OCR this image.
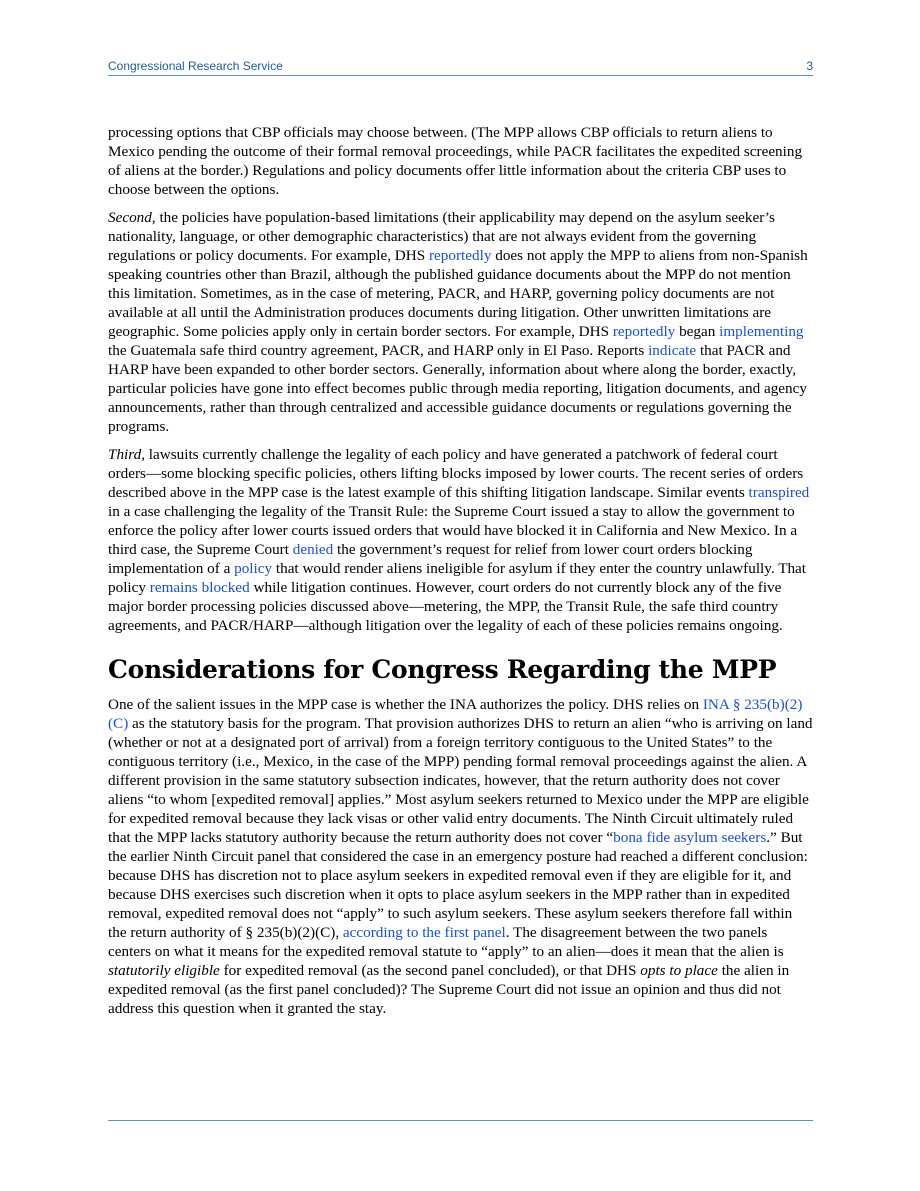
Congressional Research Service	3

processing options that CBP officials may choose between. (The MPP allows CBP officials to return aliens to Mexico pending the outcome of their formal removal proceedings, while PACR facilitates the expedited screening of aliens at the border.) Regulations and policy documents offer little information about the criteria CBP uses to choose between the options.

Second, the policies have population-based limitations (their applicability may depend on the asylum seeker’s nationality, language, or other demographic characteristics) that are not always evident from the governing regulations or policy documents. For example, DHS reportedly does not apply the MPP to aliens from non-Spanish speaking countries other than Brazil, although the published guidance documents about the MPP do not mention this limitation. Sometimes, as in the case of metering, PACR, and HARP, governing policy documents are not available at all until the Administration produces documents during litigation. Other unwritten limitations are geographic. Some policies apply only in certain border sectors. For example, DHS reportedly began implementing the Guatemala safe third country agreement, PACR, and HARP only in El Paso. Reports indicate that PACR and HARP have been expanded to other border sectors. Generally, information about where along the border, exactly, particular policies have gone into effect becomes public through media reporting, litigation documents, and agency announcements, rather than through centralized and accessible guidance documents or regulations governing the programs.

Third, lawsuits currently challenge the legality of each policy and have generated a patchwork of federal court orders—some blocking specific policies, others lifting blocks imposed by lower courts. The recent series of orders described above in the MPP case is the latest example of this shifting litigation landscape. Similar events transpired in a case challenging the legality of the Transit Rule: the Supreme Court issued a stay to allow the government to enforce the policy after lower courts issued orders that would have blocked it in California and New Mexico. In a third case, the Supreme Court denied the government’s request for relief from lower court orders blocking implementation of a policy that would render aliens ineligible for asylum if they enter the country unlawfully. That policy remains blocked while litigation continues. However, court orders do not currently block any of the five major border processing policies discussed above—metering, the MPP, the Transit Rule, the safe third country agreements, and PACR/HARP—although litigation over the legality of each of these policies remains ongoing.

Considerations for Congress Regarding the MPP

One of the salient issues in the MPP case is whether the INA authorizes the policy. DHS relies on INA § 235(b)(2)(C) as the statutory basis for the program. That provision authorizes DHS to return an alien “who is arriving on land (whether or not at a designated port of arrival) from a foreign territory contiguous to the United States” to the contiguous territory (i.e., Mexico, in the case of the MPP) pending formal removal proceedings against the alien. A different provision in the same statutory subsection indicates, however, that the return authority does not cover aliens “to whom [expedited removal] applies.” Most asylum seekers returned to Mexico under the MPP are eligible for expedited removal because they lack visas or other valid entry documents. The Ninth Circuit ultimately ruled that the MPP lacks statutory authority because the return authority does not cover “bona fide asylum seekers.” But the earlier Ninth Circuit panel that considered the case in an emergency posture had reached a different conclusion: because DHS has discretion not to place asylum seekers in expedited removal even if they are eligible for it, and because DHS exercises such discretion when it opts to place asylum seekers in the MPP rather than in expedited removal, expedited removal does not “apply” to such asylum seekers. These asylum seekers therefore fall within the return authority of § 235(b)(2)(C), according to the first panel. The disagreement between the two panels centers on what it means for the expedited removal statute to “apply” to an alien—does it mean that the alien is statutorily eligible for expedited removal (as the second panel concluded), or that DHS opts to place the alien in expedited removal (as the first panel concluded)? The Supreme Court did not issue an opinion and thus did not address this question when it granted the stay.
